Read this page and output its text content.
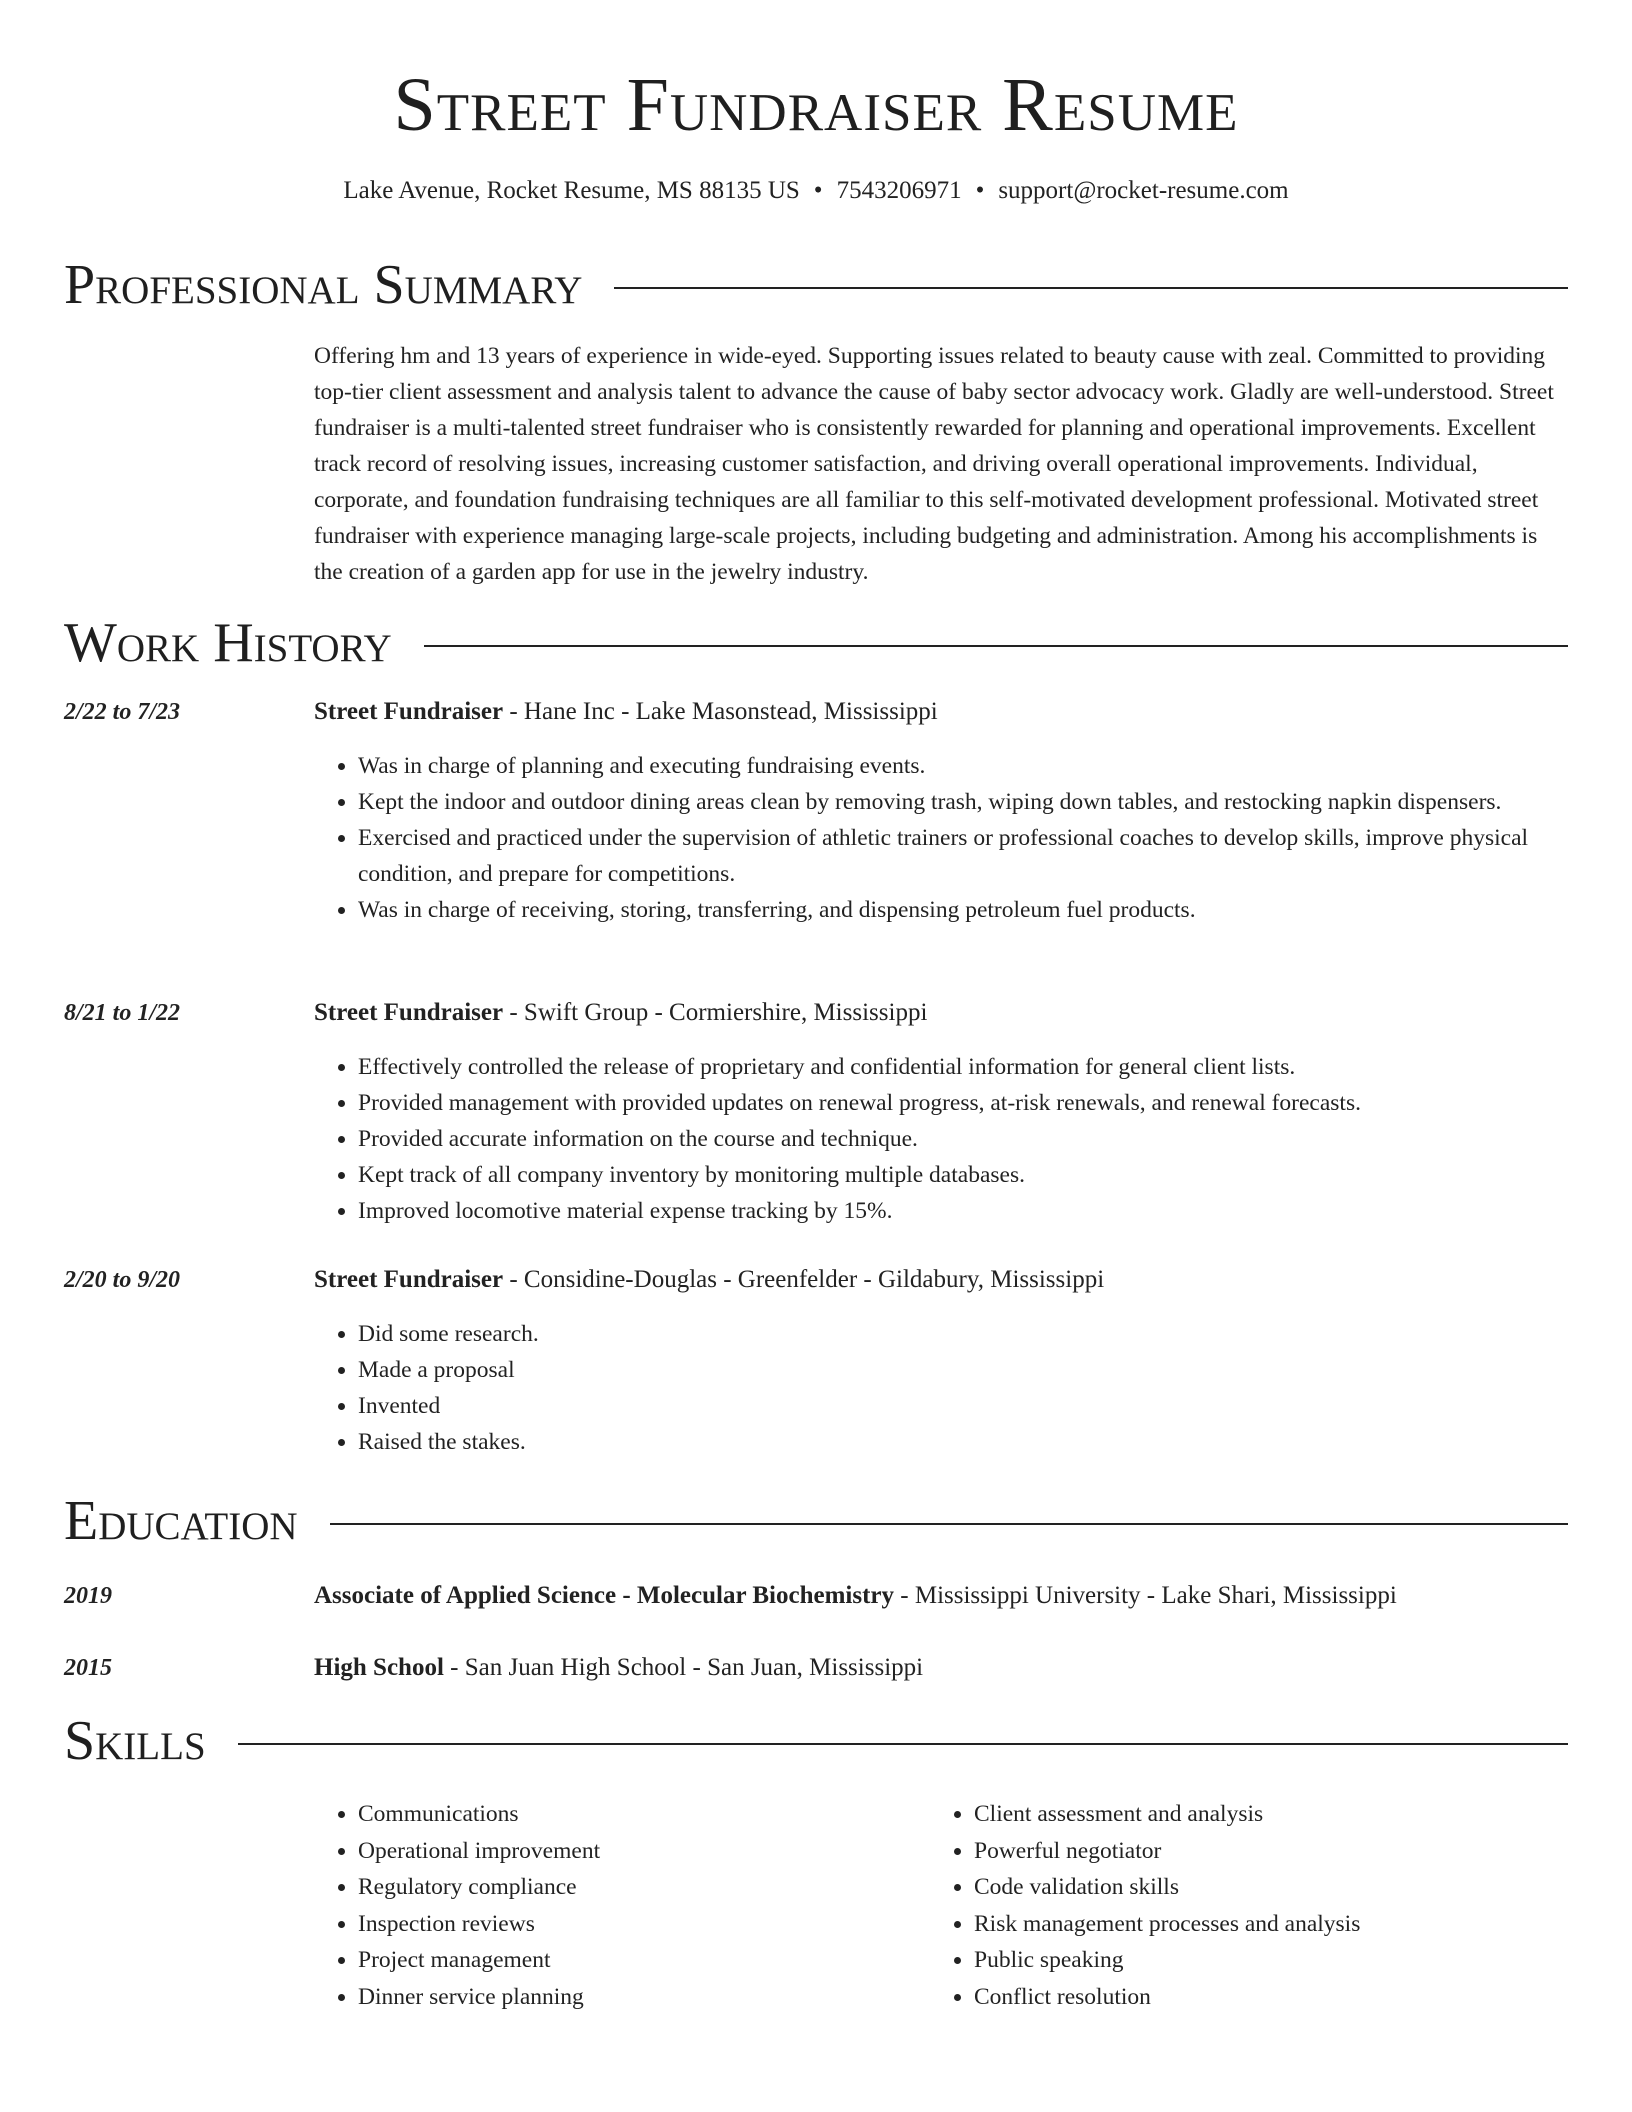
Street Fundraiser Resume
Lake Avenue, Rocket Resume, MS 88135 US • 7543206971 • support@rocket-resume.com
Professional Summary

Offering hm and 13 years of experience in wide-eyed. Supporting issues related to beauty cause with zeal. Committed to providing top-tier client assessment and analysis talent to advance the cause of baby sector advocacy work. Gladly are well-understood. Street fundraiser is a multi-talented street fundraiser who is consistently rewarded for planning and operational improvements. Excellent track record of resolving issues, increasing customer satisfaction, and driving overall operational improvements. Individual, corporate, and foundation fundraising techniques are all familiar to this self-motivated development professional. Motivated street fundraiser with experience managing large-scale projects, including budgeting and administration. Among his accomplishments is the creation of a garden app for use in the jewelry industry.

Work History
2/22 to 7/23	Street Fundraiser - Hane Inc - Lake Masonstead, Mississippi
• Was in charge of planning and executing fundraising events.
• Kept the indoor and outdoor dining areas clean by removing trash, wiping down tables, and restocking napkin dispensers.
• Exercised and practiced under the supervision of athletic trainers or professional coaches to develop skills, improve physical condition, and prepare for competitions.
• Was in charge of receiving, storing, transferring, and dispensing petroleum fuel products.
8/21 to 1/22	Street Fundraiser - Swift Group - Cormiershire, Mississippi
• Effectively controlled the release of proprietary and confidential information for general client lists.
• Provided management with provided updates on renewal progress, at-risk renewals, and renewal forecasts.
• Provided accurate information on the course and technique.
• Kept track of all company inventory by monitoring multiple databases.
• Improved locomotive material expense tracking by 15%.
2/20 to 9/20	Street Fundraiser - Considine-Douglas - Greenfelder - Gildabury, Mississippi
• Did some research.
• Made a proposal
• Invented
• Raised the stakes.
Education
2019	Associate of Applied Science - Molecular Biochemistry - Mississippi University - Lake Shari, Mississippi
2015	High School - San Juan High School - San Juan, Mississippi
Skills
• Communications
• Operational improvement
• Regulatory compliance
• Inspection reviews
• Project management
• Dinner service planning
• Client assessment and analysis
• Powerful negotiator
• Code validation skills
• Risk management processes and analysis
• Public speaking
• Conflict resolution
